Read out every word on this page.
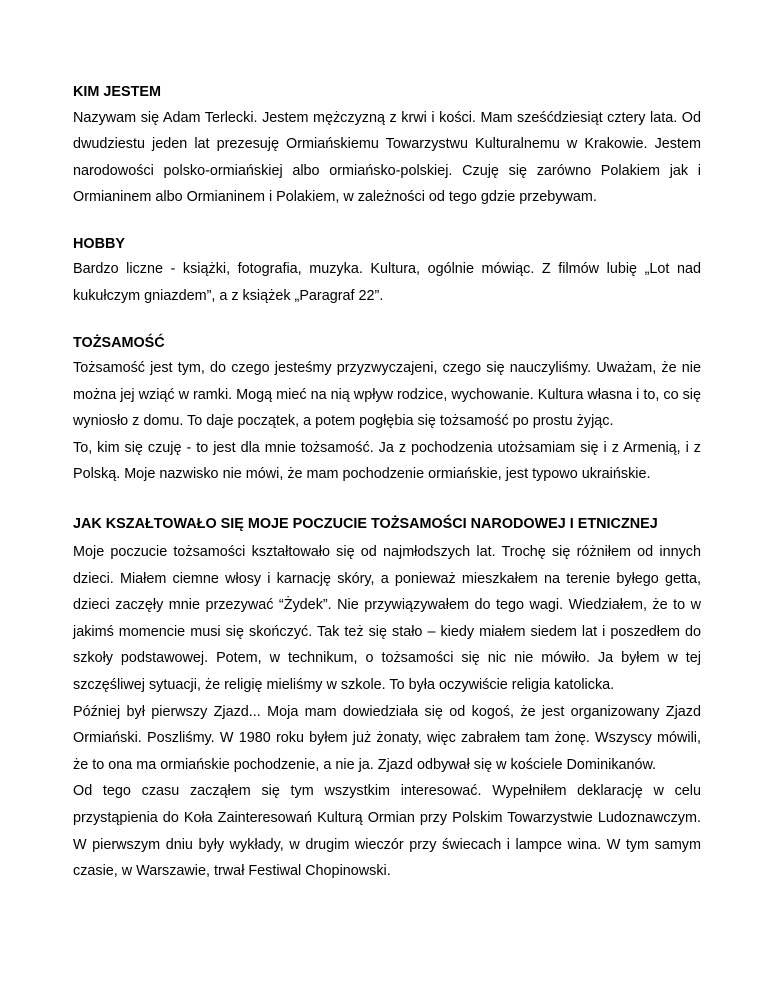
KIM JESTEM

Nazywam się Adam Terlecki. Jestem mężczyzną z krwi i kości. Mam sześćdziesiąt cztery lata. Od dwudziestu jeden lat prezesuję Ormiańskiemu Towarzystwu Kulturalnemu w Krakowie. Jestem narodowości polsko-ormiańskiej albo ormiańsko-polskiej. Czuję się zarówno Polakiem jak i Ormianinem albo Ormianinem i Polakiem, w zależności od tego gdzie przebywam.

HOBBY

Bardzo liczne - książki, fotografia, muzyka. Kultura, ogólnie mówiąc. Z filmów lubię „Lot nad kukułczym gniazdem”, a z książek „Paragraf 22”.

TOŻSAMOŚĆ

Tożsamość jest tym, do czego jesteśmy przyzwyczajeni, czego się nauczyliśmy. Uważam, że nie można jej wziąć w ramki. Mogą mieć na nią wpływ rodzice, wychowanie. Kultura własna i to, co się wyniosło z domu. To daje początek, a potem pogłębia się tożsamość po prostu żyjąc.

To, kim się czuję - to jest dla mnie tożsamość. Ja z pochodzenia utożsamiam się i z Armenią, i z Polską. Moje nazwisko nie mówi, że mam pochodzenie ormiańskie, jest typowo ukraińskie.

JAK KSZAŁTOWAŁO SIĘ MOJE POCZUCIE TOŻSAMOŚCI NARODOWEJ I ETNICZNEJ

Moje poczucie tożsamości kształtowało się od najmłodszych lat. Trochę się różniłem od innych dzieci. Miałem ciemne włosy i karnację skóry, a ponieważ mieszkałem na terenie byłego getta, dzieci zaczęły mnie przezywać “Żydek”. Nie przywiązywałem do tego wagi. Wiedziałem, że to w jakimś momencie musi się skończyć. Tak też się stało – kiedy miałem siedem lat i poszedłem do szkoły podstawowej. Potem, w technikum, o tożsamości się nic nie mówiło. Ja byłem w tej szczęśliwej sytuacji, że religię mieliśmy w szkole. To była oczywiście religia katolicka.

Później był pierwszy Zjazd... Moja mam dowiedziała się od kogoś, że jest organizowany Zjazd Ormiański. Poszliśmy. W 1980 roku byłem już żonaty, więc zabrałem tam żonę. Wszyscy mówili, że to ona ma ormiańskie pochodzenie, a nie ja. Zjazd odbywał się w kościele Dominikanów.

Od tego czasu zacząłem się tym wszystkim interesować. Wypełniłem deklarację w celu przystąpienia do Koła Zainteresowań Kulturą Ormian przy Polskim Towarzystwie Ludoznawczym. W pierwszym dniu były wykłady, w drugim wieczór przy świecach i lampce wina. W tym samym czasie, w Warszawie, trwał Festiwal Chopinowski.
